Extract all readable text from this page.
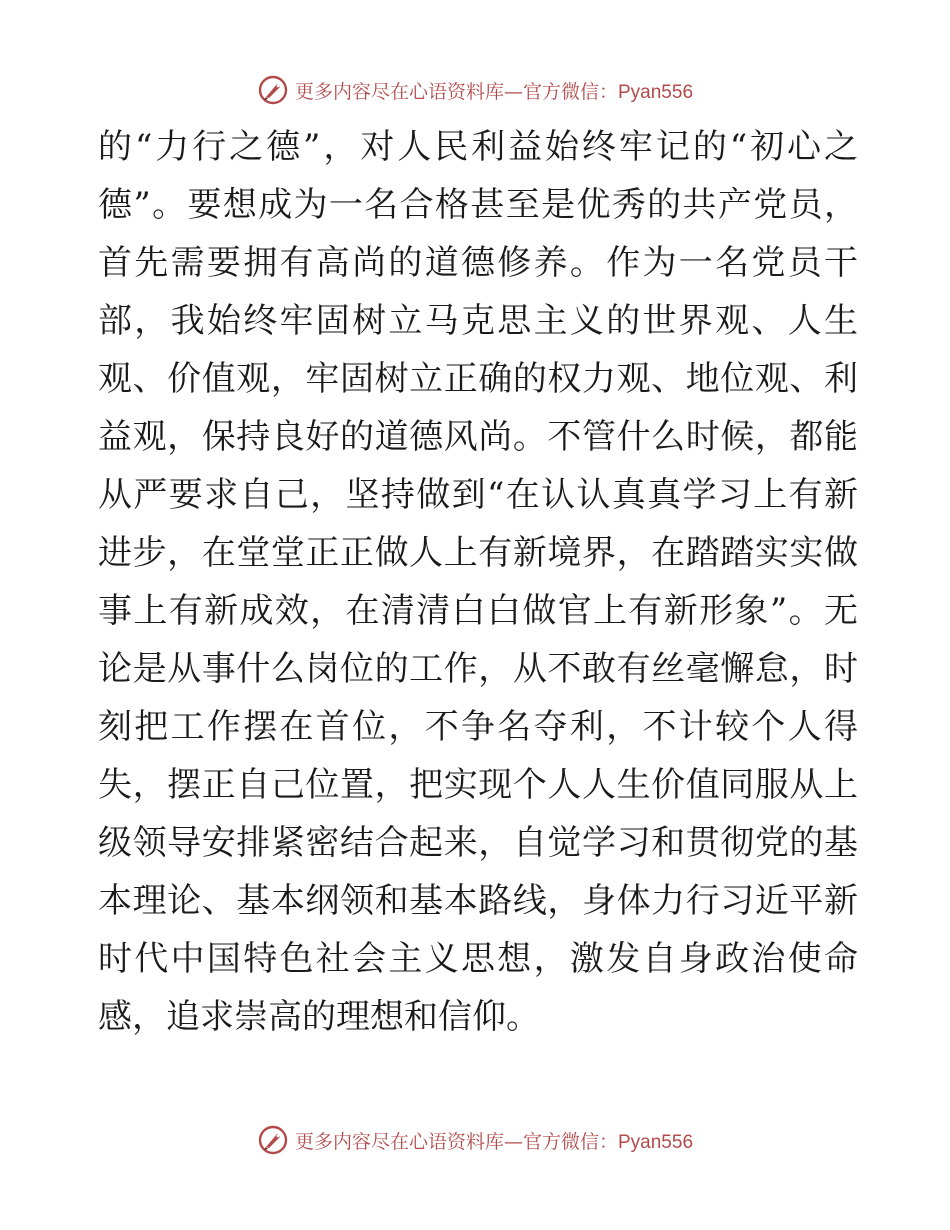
更多内容尽在心语资料库—官方微信：Pyan556
的“力行之德”，对人民利益始终牢记的“初心之
德”。要想成为一名合格甚至是优秀的共产党员，
首先需要拥有高尚的道德修养。作为一名党员干
部，我始终牢固树立马克思主义的世界观、人生
观、价值观，牢固树立正确的权力观、地位观、利
益观，保持良好的道德风尚。不管什么时候，都能
从严要求自己，坚持做到“在认认真真学习上有新
进步，在堂堂正正做人上有新境界，在踏踏实实做
事上有新成效，在清清白白做官上有新形象”。无
论是从事什么岗位的工作，从不敢有丝毫懈怠，时
刻把工作摆在首位，不争名夺利，不计较个人得
失，摆正自己位置，把实现个人人生价值同服从上
级领导安排紧密结合起来，自觉学习和贯彻党的基
本理论、基本纲领和基本路线，身体力行习近平新
时代中国特色社会主义思想，激发自身政治使命
感，追求崇高的理想和信仰。
更多内容尽在心语资料库—官方微信：Pyan556
